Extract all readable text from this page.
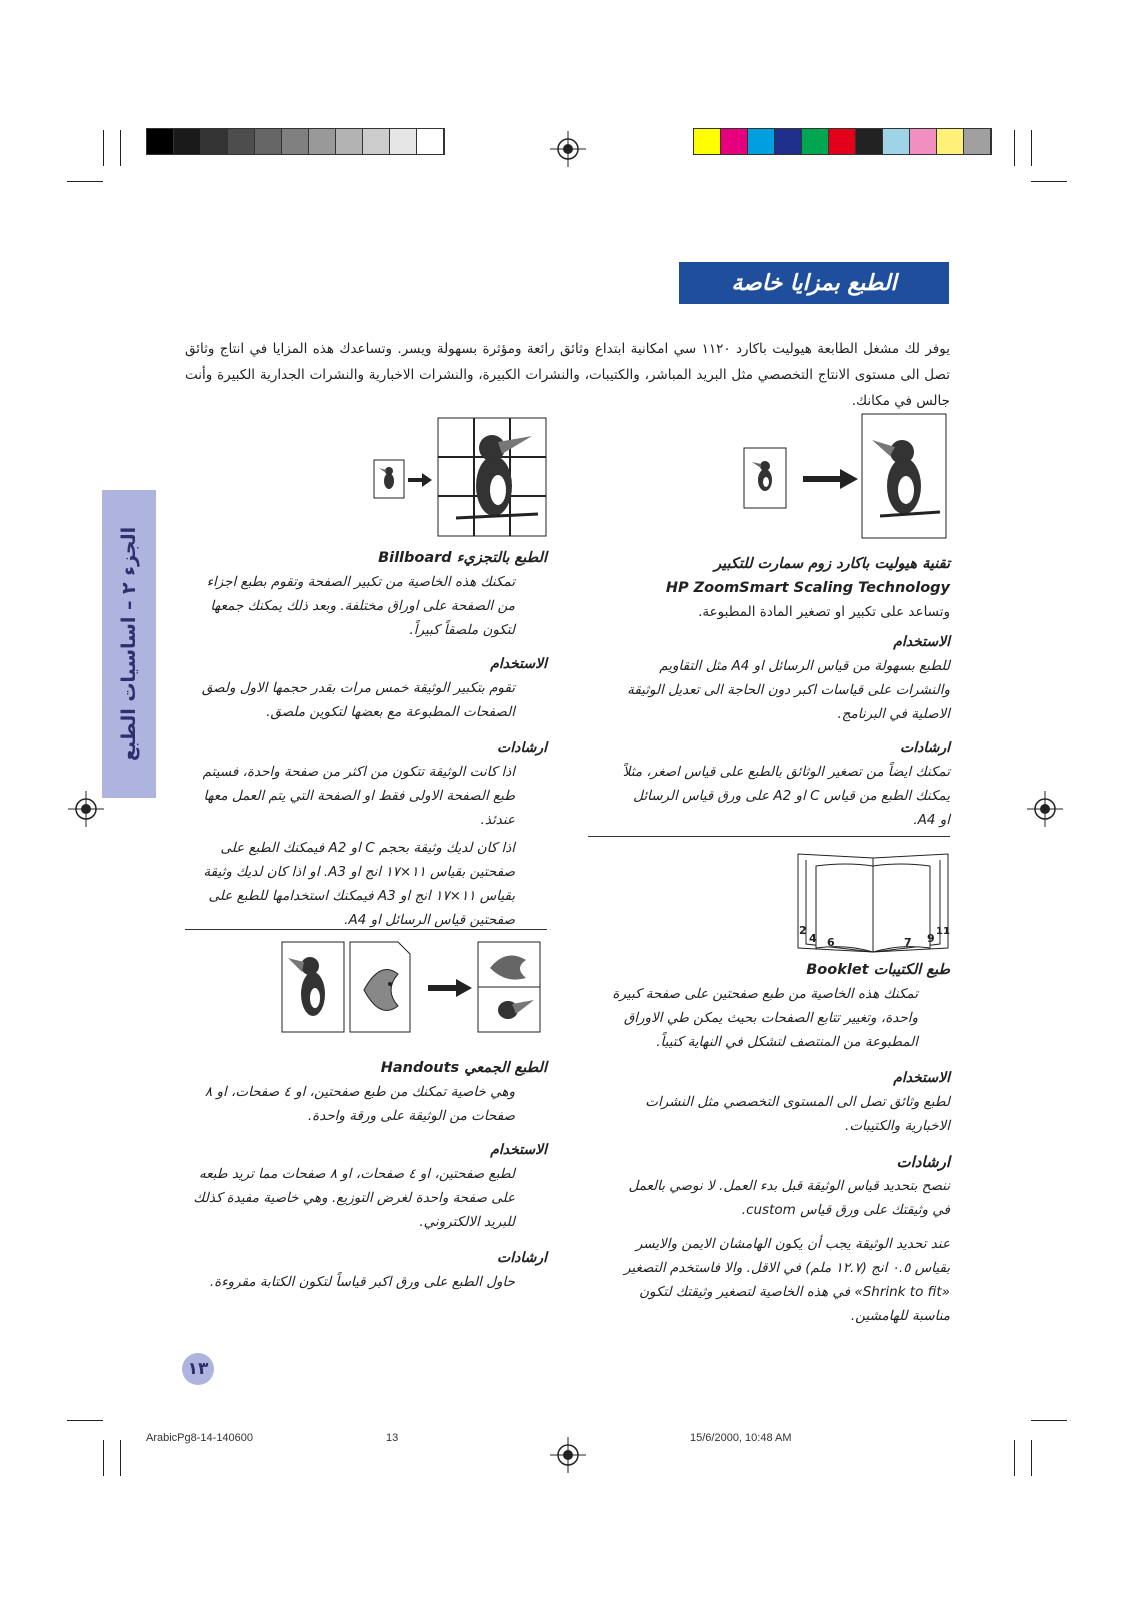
الطبع بمزايا خاصة
يوفر لك مشغل الطابعة هيوليت باكارد ١١٢٠ سي امكانية ابتداع وثائق رائعة ومؤثرة بسهولة ويسر. وتساعدك هذه المزايا في انتاج وثائق تصل الى مستوى الانتاج التخصصي مثل البريد المباشر، والكتيبات، والنشرات الكبيرة، والنشرات الاخبارية والنشرات الجدارية الكبيرة وأنت جالس في مكانك.
الجزء ٢ – اساسيات الطبع	تقنية هيوليت باكارد زوم سمارت للتكبير

HP ZoomSmart Scaling Technology

وتساعد على تكبير او تصغير المادة المطبوعة.

الاستخدام

للطبع بسهولة من قياس الرسائل او A4 مثل التقاويم والنشرات على قياسات اكبر دون الحاجة الى تعديل الوثيقة الاصلية في البرنامج.

ارشادات

تمكنك ايضاً من تصغير الوثائق بالطبع على قياس اصغر، مثلاً يمكنك الطبع من قياس C او A2 على ورق قياس الرسائل او A4.

2
4 6	7 9
11

طبع الكتيبات Booklet

تمكنك هذه الخاصية من طبع صفحتين على صفحة كبيرة واحدة، وتغيير تتابع الصفحات بحيث يمكن طي الاوراق المطبوعة من المنتصف لتشكل في النهاية كتيباً.

الاستخدام

لطبع وثائق تصل الى المستوى التخصصي مثل النشرات الاخبارية والكتيبات.

ارشادات

ننصح بتحديد قياس الوثيقة قبل بدء العمل. لا نوصي بالعمل في وثيقتك على ورق قياس custom.

عند تحديد الوثيقة يجب أن يكون الهامشان الايمن والايسر بقياس ٠.٥ انج (١٢.٧ ملم) في الاقل. والا فاستخدم التصغير «Shrink to fit» في هذه الخاصية لتصغير وثيقتك لتكون مناسبة للهامشين.

الطبع بالتجزيء Billboard

تمكنك هذه الخاصية من تكبير الصفحة وتقوم بطبع اجزاء من الصفحة على اوراق مختلفة. وبعد ذلك يمكنك جمعها لتكون ملصقاً كبيراً.

الاستخدام

تقوم بتكبير الوثيقة خمس مرات بقدر حجمها الاول ولصق الصفحات المطبوعة مع بعضها لتكوين ملصق.

ارشادات

اذا كانت الوثيقة تتكون من اكثر من صفحة واحدة، فسيتم طبع الصفحة الاولى فقط او الصفحة التي يتم العمل معها عندئذ.

اذا كان لديك وثيقة بحجم C او A2 فيمكنك الطبع على صفحتين بقياس ١١×١٧ انج او A3. او اذا كان لديك وثيقة بقياس ١١×١٧ انج او A3 فيمكنك استخدامها للطبع على صفحتين قياس الرسائل او A4.

الطبع الجمعي Handouts

وهي خاصية تمكنك من طبع صفحتين، او ٤ صفحات، او ٨ صفحات من الوثيقة على ورقة واحدة.

الاستخدام

لطبع صفحتين، او ٤ صفحات، او ٨ صفحات مما تريد طبعه على صفحة واحدة لغرض التوزيع. وهي خاصية مفيدة كذلك للبريد الالكتروني.

ارشادات

حاول الطبع على ورق اكبر قياساً لتكون الكتابة مقروءة.

١٣
ArabicPg8-14-140600	13	15/6/2000, 10:48 AM
